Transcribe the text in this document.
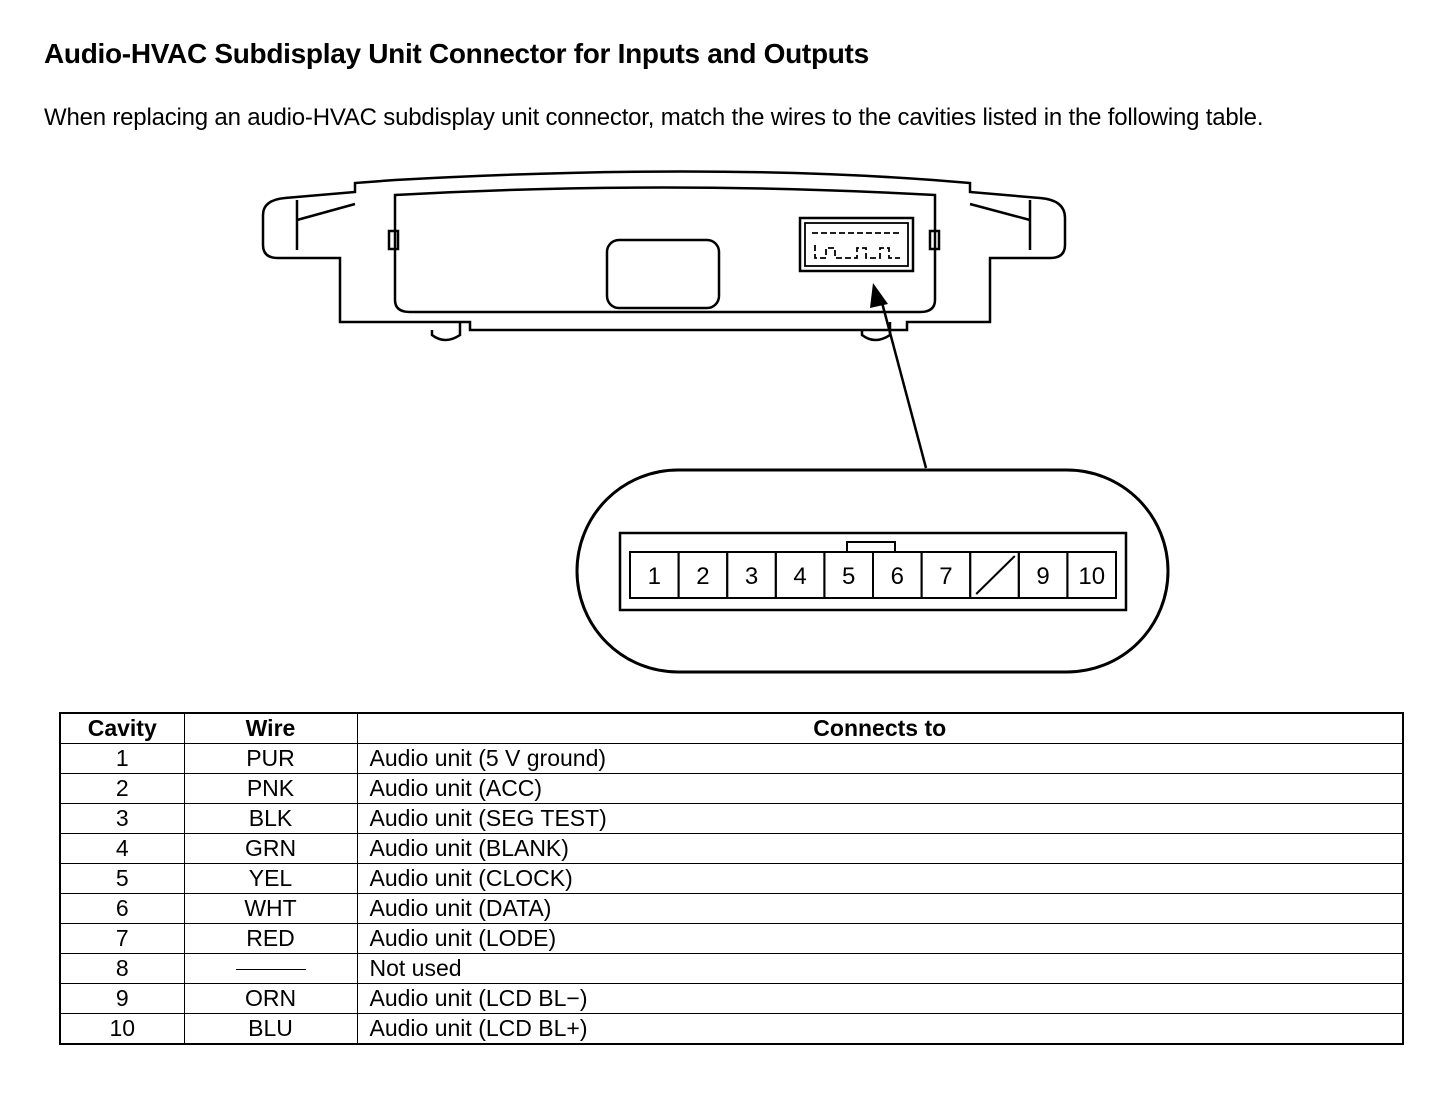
Audio-HVAC Subdisplay Unit Connector for Inputs and Outputs
When replacing an audio-HVAC subdisplay unit connector, match the wires to the cavities listed in the following table.
1 2 3 4 5 6 7	9 10
Cavity	Wire	Connects to
1	PUR	Audio unit (5 V ground)
2	PNK	Audio unit (ACC)
3	BLK	Audio unit (SEG TEST)
4	GRN	Audio unit (BLANK)
5	YEL	Audio unit (CLOCK)
6	WHT	Audio unit (DATA)
7	RED	Audio unit (LODE)
8		Not used
9	ORN	Audio unit (LCD BL−)
10	BLU	Audio unit (LCD BL+)
